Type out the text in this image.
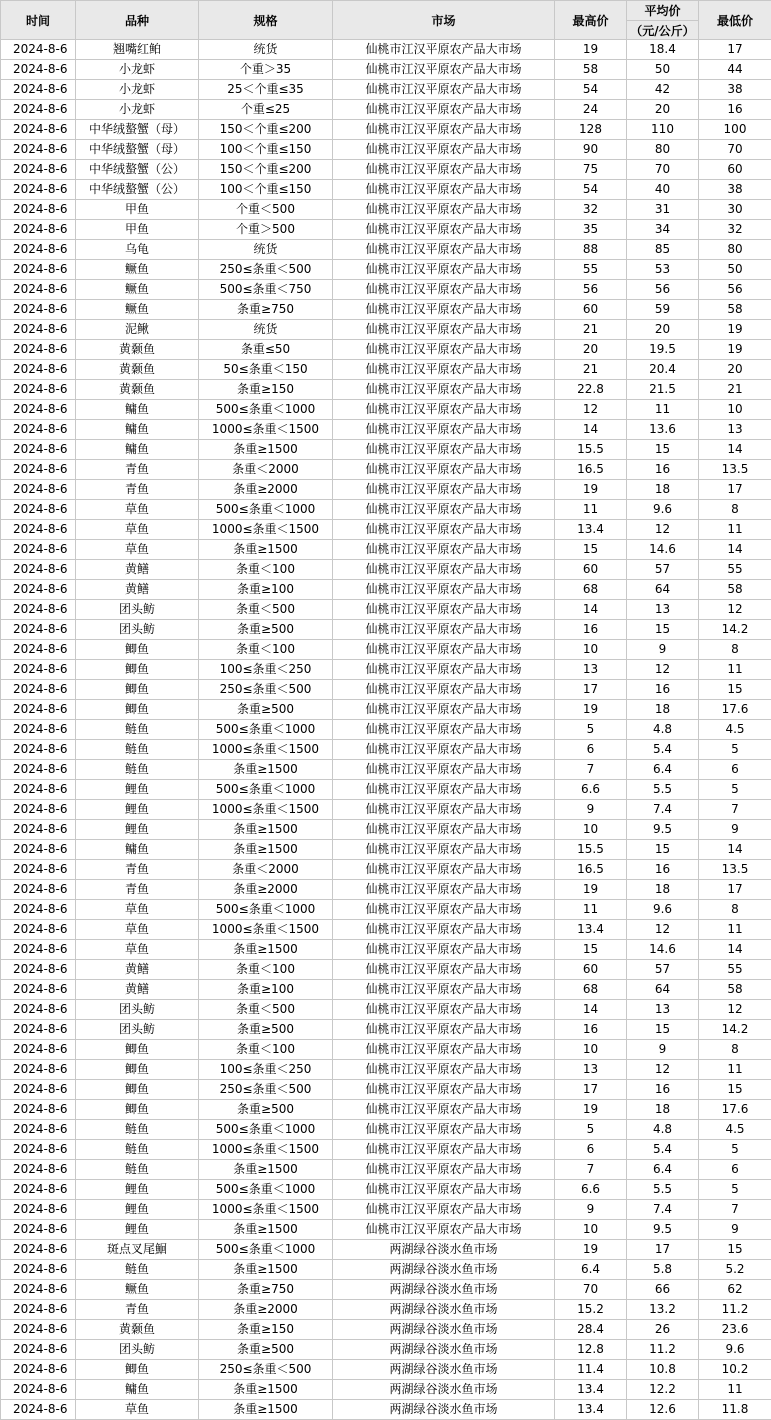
时间	品种	规格	市场	最高价	平均价	最低价
					（元/公斤）	
2024-8-6	翘嘴红鲌	统货	仙桃市江汉平原农产品大市场	19	18.4	17
2024-8-6	小龙虾	个重＞35	仙桃市江汉平原农产品大市场	58	50	44
2024-8-6	小龙虾	25＜个重≤35	仙桃市江汉平原农产品大市场	54	42	38
2024-8-6	小龙虾	个重≤25	仙桃市江汉平原农产品大市场	24	20	16
2024-8-6	中华绒螯蟹（母）	150＜个重≤200	仙桃市江汉平原农产品大市场	128	110	100
2024-8-6	中华绒螯蟹（母）	100＜个重≤150	仙桃市江汉平原农产品大市场	90	80	70
2024-8-6	中华绒螯蟹（公）	150＜个重≤200	仙桃市江汉平原农产品大市场	75	70	60
2024-8-6	中华绒螯蟹（公）	100＜个重≤150	仙桃市江汉平原农产品大市场	54	40	38
2024-8-6	甲鱼	个重＜500	仙桃市江汉平原农产品大市场	32	31	30
2024-8-6	甲鱼	个重＞500	仙桃市江汉平原农产品大市场	35	34	32
2024-8-6	乌龟	统货	仙桃市江汉平原农产品大市场	88	85	80
2024-8-6	鳜鱼	250≤条重＜500	仙桃市江汉平原农产品大市场	55	53	50
2024-8-6	鳜鱼	500≤条重＜750	仙桃市江汉平原农产品大市场	56	56	56
2024-8-6	鳜鱼	条重≥750	仙桃市江汉平原农产品大市场	60	59	58
2024-8-6	泥鳅	统货	仙桃市江汉平原农产品大市场	21	20	19
2024-8-6	黄颡鱼	条重≤50	仙桃市江汉平原农产品大市场	20	19.5	19
2024-8-6	黄颡鱼	50≤条重＜150	仙桃市江汉平原农产品大市场	21	20.4	20
2024-8-6	黄颡鱼	条重≥150	仙桃市江汉平原农产品大市场	22.8	21.5	21
2024-8-6	鳙鱼	500≤条重＜1000	仙桃市江汉平原农产品大市场	12	11	10
2024-8-6	鳙鱼	1000≤条重＜1500	仙桃市江汉平原农产品大市场	14	13.6	13
2024-8-6	鳙鱼	条重≥1500	仙桃市江汉平原农产品大市场	15.5	15	14
2024-8-6	青鱼	条重＜2000	仙桃市江汉平原农产品大市场	16.5	16	13.5
2024-8-6	青鱼	条重≥2000	仙桃市江汉平原农产品大市场	19	18	17
2024-8-6	草鱼	500≤条重＜1000	仙桃市江汉平原农产品大市场	11	9.6	8
2024-8-6	草鱼	1000≤条重＜1500	仙桃市江汉平原农产品大市场	13.4	12	11
2024-8-6	草鱼	条重≥1500	仙桃市江汉平原农产品大市场	15	14.6	14
2024-8-6	黄鳝	条重＜100	仙桃市江汉平原农产品大市场	60	57	55
2024-8-6	黄鳝	条重≥100	仙桃市江汉平原农产品大市场	68	64	58
2024-8-6	团头鲂	条重＜500	仙桃市江汉平原农产品大市场	14	13	12
2024-8-6	团头鲂	条重≥500	仙桃市江汉平原农产品大市场	16	15	14.2
2024-8-6	鲫鱼	条重＜100	仙桃市江汉平原农产品大市场	10	9	8
2024-8-6	鲫鱼	100≤条重＜250	仙桃市江汉平原农产品大市场	13	12	11
2024-8-6	鲫鱼	250≤条重＜500	仙桃市江汉平原农产品大市场	17	16	15
2024-8-6	鲫鱼	条重≥500	仙桃市江汉平原农产品大市场	19	18	17.6
2024-8-6	鲢鱼	500≤条重＜1000	仙桃市江汉平原农产品大市场	5	4.8	4.5
2024-8-6	鲢鱼	1000≤条重＜1500	仙桃市江汉平原农产品大市场	6	5.4	5
2024-8-6	鲢鱼	条重≥1500	仙桃市江汉平原农产品大市场	7	6.4	6
2024-8-6	鲤鱼	500≤条重＜1000	仙桃市江汉平原农产品大市场	6.6	5.5	5
2024-8-6	鲤鱼	1000≤条重＜1500	仙桃市江汉平原农产品大市场	9	7.4	7
2024-8-6	鲤鱼	条重≥1500	仙桃市江汉平原农产品大市场	10	9.5	9
2024-8-6	鳙鱼	条重≥1500	仙桃市江汉平原农产品大市场	15.5	15	14
2024-8-6	青鱼	条重＜2000	仙桃市江汉平原农产品大市场	16.5	16	13.5
2024-8-6	青鱼	条重≥2000	仙桃市江汉平原农产品大市场	19	18	17
2024-8-6	草鱼	500≤条重＜1000	仙桃市江汉平原农产品大市场	11	9.6	8
2024-8-6	草鱼	1000≤条重＜1500	仙桃市江汉平原农产品大市场	13.4	12	11
2024-8-6	草鱼	条重≥1500	仙桃市江汉平原农产品大市场	15	14.6	14
2024-8-6	黄鳝	条重＜100	仙桃市江汉平原农产品大市场	60	57	55
2024-8-6	黄鳝	条重≥100	仙桃市江汉平原农产品大市场	68	64	58
2024-8-6	团头鲂	条重＜500	仙桃市江汉平原农产品大市场	14	13	12
2024-8-6	团头鲂	条重≥500	仙桃市江汉平原农产品大市场	16	15	14.2
2024-8-6	鲫鱼	条重＜100	仙桃市江汉平原农产品大市场	10	9	8
2024-8-6	鲫鱼	100≤条重＜250	仙桃市江汉平原农产品大市场	13	12	11
2024-8-6	鲫鱼	250≤条重＜500	仙桃市江汉平原农产品大市场	17	16	15
2024-8-6	鲫鱼	条重≥500	仙桃市江汉平原农产品大市场	19	18	17.6
2024-8-6	鲢鱼	500≤条重＜1000	仙桃市江汉平原农产品大市场	5	4.8	4.5
2024-8-6	鲢鱼	1000≤条重＜1500	仙桃市江汉平原农产品大市场	6	5.4	5
2024-8-6	鲢鱼	条重≥1500	仙桃市江汉平原农产品大市场	7	6.4	6
2024-8-6	鲤鱼	500≤条重＜1000	仙桃市江汉平原农产品大市场	6.6	5.5	5
2024-8-6	鲤鱼	1000≤条重＜1500	仙桃市江汉平原农产品大市场	9	7.4	7
2024-8-6	鲤鱼	条重≥1500	仙桃市江汉平原农产品大市场	10	9.5	9
2024-8-6	斑点叉尾鮰	500≤条重＜1000	两湖绿谷淡水鱼市场	19	17	15
2024-8-6	鲢鱼	条重≥1500	两湖绿谷淡水鱼市场	6.4	5.8	5.2
2024-8-6	鳜鱼	条重≥750	两湖绿谷淡水鱼市场	70	66	62
2024-8-6	青鱼	条重≥2000	两湖绿谷淡水鱼市场	15.2	13.2	11.2
2024-8-6	黄颡鱼	条重≥150	两湖绿谷淡水鱼市场	28.4	26	23.6
2024-8-6	团头鲂	条重≥500	两湖绿谷淡水鱼市场	12.8	11.2	9.6
2024-8-6	鲫鱼	250≤条重＜500	两湖绿谷淡水鱼市场	11.4	10.8	10.2
2024-8-6	鳙鱼	条重≥1500	两湖绿谷淡水鱼市场	13.4	12.2	11
2024-8-6	草鱼	条重≥1500	两湖绿谷淡水鱼市场	13.4	12.6	11.8
